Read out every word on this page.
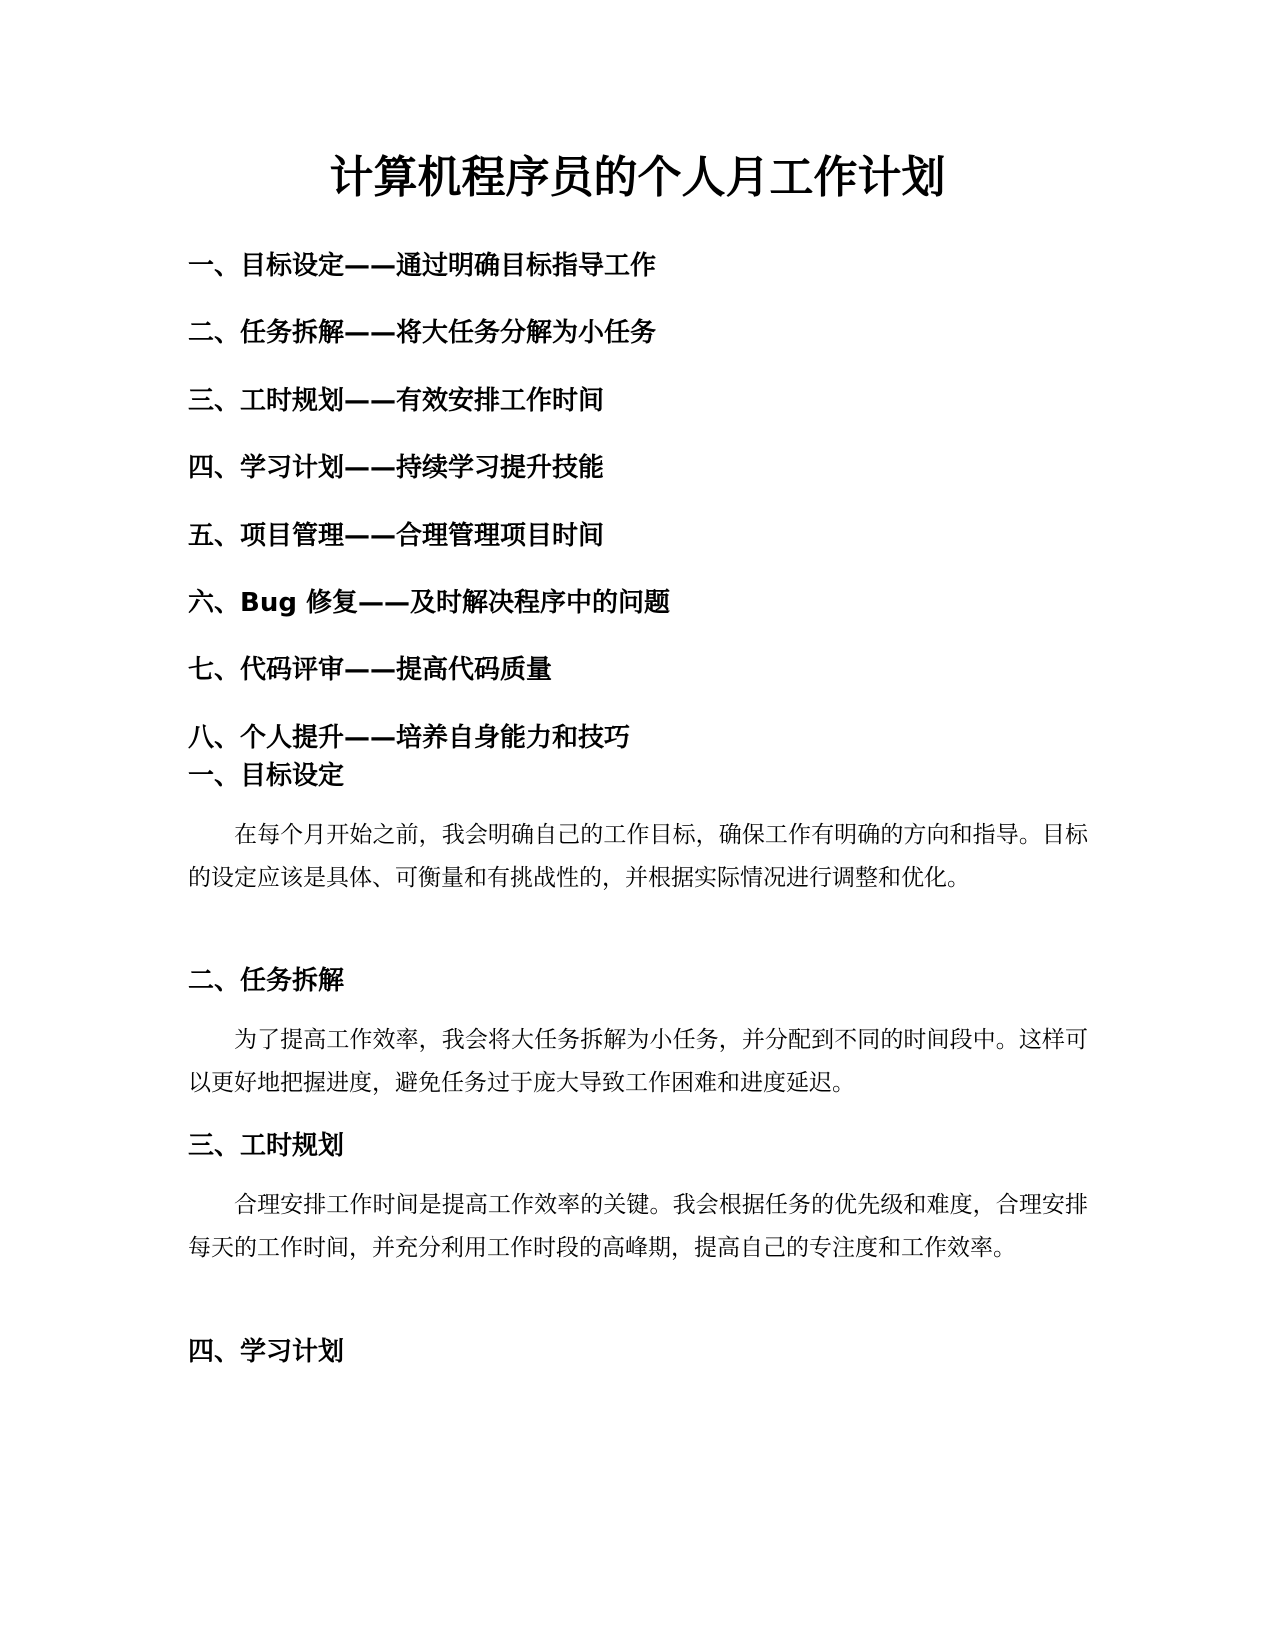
计算机程序员的个人月工作计划
一、目标设定——通过明确目标指导工作
二、任务拆解——将大任务分解为小任务
三、工时规划——有效安排工作时间
四、学习计划——持续学习提升技能
五、项目管理——合理管理项目时间
六、Bug 修复——及时解决程序中的问题
七、代码评审——提高代码质量
八、个人提升——培养自身能力和技巧
一、目标设定

在每个月开始之前，我会明确自己的工作目标，确保工作有明确的方向和指导。目标的设定应该是具体、可衡量和有挑战性的，并根据实际情况进行调整和优化。

二、任务拆解

为了提高工作效率，我会将大任务拆解为小任务，并分配到不同的时间段中。这样可以更好地把握进度，避免任务过于庞大导致工作困难和进度延迟。

三、工时规划

合理安排工作时间是提高工作效率的关键。我会根据任务的优先级和难度，合理安排每天的工作时间，并充分利用工作时段的高峰期，提高自己的专注度和工作效率。

四、学习计划
